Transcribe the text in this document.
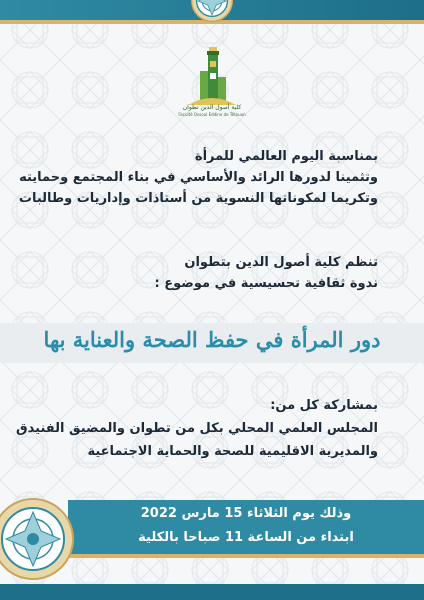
كلية أصول الدين تطوان
Faculté Ossoul Eddine de Tétouan
بمناسبة اليوم العالمي للمرأة
وتثمينا لدورها الرائد والأساسي في بناء المجتمع وحمايته
وتكريما لمكوناتها النسوية من أستاذات وإداريات وطالبات
تنظم كلية أصول الدين بتطوان
ندوة ثقافية تحسيسية في موضوع :
دور المرأة في حفظ الصحة والعناية بها
بمشاركة كل من:
المجلس العلمي المحلي بكل من تطوان والمضيق الفنيدق
والمديرية الاقليمية للصحة والحماية الاجتماعية
وذلك يوم الثلاثاء 15 مارس 2022
ابتداء من الساعة 11 صباحا بالكلية
